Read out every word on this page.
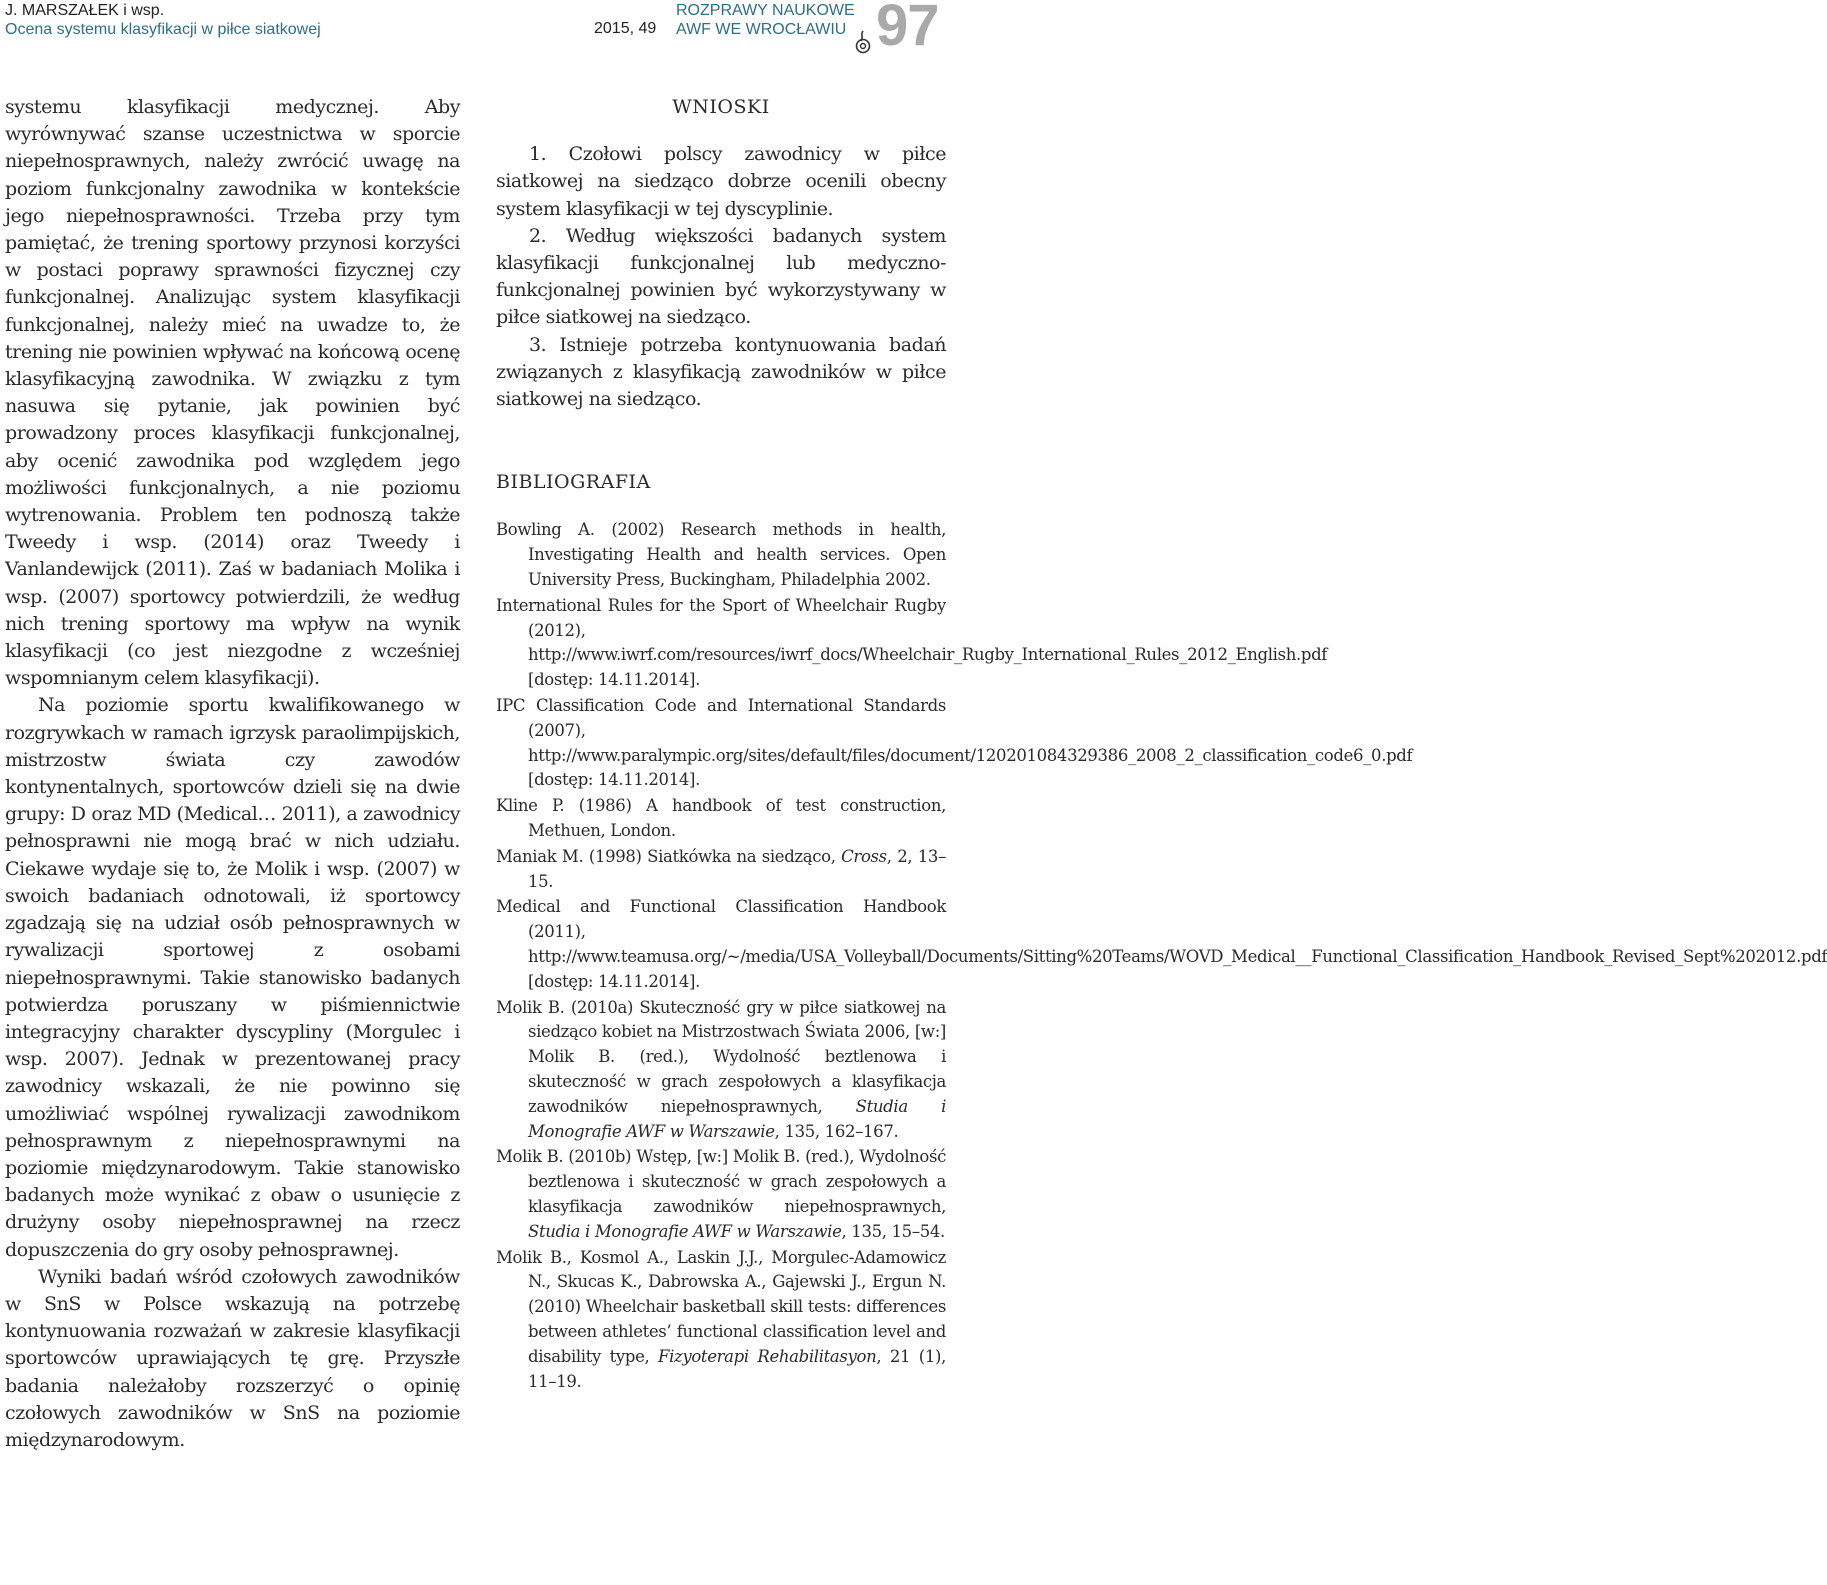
J. MARSZAŁEK i wsp.
Ocena systemu klasyfikacji w piłce siatkowej	2015, 49
ROZPRAWY NAUKOWE
AWF WE WROCŁAWIU 97

systemu klasyfikacji medycznej. Aby wyrównywać szanse uczestnictwa w sporcie niepełnosprawnych, należy zwrócić uwagę na poziom funkcjonalny zawodnika w kontekście jego niepełnosprawności. Trzeba przy tym pamiętać, że trening sportowy przynosi korzyści w postaci poprawy sprawności fizycznej czy funkcjonalnej. Analizując system klasyfikacji funkcjonalnej, należy mieć na uwadze to, że trening nie powinien wpływać na końcową ocenę klasyfikacyjną zawodnika. W związku z tym nasuwa się pytanie, jak powinien być prowadzony proces klasyfikacji funkcjonalnej, aby ocenić zawodnika pod względem jego możliwości funkcjonalnych, a nie poziomu wytrenowania. Problem ten podnoszą także Tweedy i wsp. (2014) oraz Tweedy i Vanlandewijck (2011). Zaś w badaniach Molika i wsp. (2007) sportowcy potwierdzili, że według nich trening sportowy ma wpływ na wynik klasyfikacji (co jest niezgodne z wcześniej wspomnianym celem klasyfikacji).

Na poziomie sportu kwalifikowanego w rozgrywkach w ramach igrzysk paraolimpijskich, mistrzostw świata czy zawodów kontynentalnych, sportowców dzieli się na dwie grupy: D oraz MD (Medical… 2011), a zawodnicy pełnosprawni nie mogą brać w nich udziału. Ciekawe wydaje się to, że Molik i wsp. (2007) w swoich badaniach odnotowali, iż sportowcy zgadzają się na udział osób pełnosprawnych w rywalizacji sportowej z osobami niepełnosprawnymi. Takie stanowisko badanych potwierdza poruszany w piśmiennictwie integracyjny charakter dyscypliny (Morgulec i wsp. 2007). Jednak w prezentowanej pracy zawodnicy wskazali, że nie powinno się umożliwiać wspólnej rywalizacji zawodnikom pełnosprawnym z niepełnosprawnymi na poziomie międzynarodowym. Takie stanowisko badanych może wynikać z obaw o usunięcie z drużyny osoby niepełnosprawnej na rzecz dopuszczenia do gry osoby pełnosprawnej.

Wyniki badań wśród czołowych zawodników w SnS w Polsce wskazują na potrzebę kontynuowania rozważań w zakresie klasyfikacji sportowców uprawiających tę grę. Przyszłe badania należałoby rozszerzyć o opinię czołowych zawodników w SnS na poziomie międzynarodowym.

WNIOSKI

1. Czołowi polscy zawodnicy w piłce siatkowej na siedząco dobrze ocenili obecny system klasyfikacji w tej dyscyplinie.

2. Według większości badanych system klasyfikacji funkcjonalnej lub medyczno-funkcjonalnej powinien być wykorzystywany w piłce siatkowej na siedząco.

3. Istnieje potrzeba kontynuowania badań związanych z klasyfikacją zawodników w piłce siatkowej na siedząco.

BIBLIOGRAFIA

Bowling A. (2002) Research methods in health, Investigating Health and health services. Open University Press, Buckingham, Philadelphia 2002.

International Rules for the Sport of Wheelchair Rugby (2012), http://www.iwrf.com/resources/iwrf_docs/Wheelchair_Rugby_International_Rules_2012_English.pdf [dostęp: 14.11.2014].

IPC Classification Code and International Standards (2007), http://www.paralympic.org/sites/default/files/document/120201084329386_2008_2_classification_code6_0.pdf [dostęp: 14.11.2014].

Kline P. (1986) A handbook of test construction, Methuen, London.

Maniak M. (1998) Siatkówka na siedząco, Cross, 2, 13–15.

Medical and Functional Classification Handbook (2011), http://www.teamusa.org/~/media/USA_Volleyball/Documents/Sitting%20Teams/WOVD_Medical__Functional_Classification_Handbook_Revised_Sept%202012.pdf [dostęp: 14.11.2014].

Molik B. (2010a) Skuteczność gry w piłce siatkowej na siedząco kobiet na Mistrzostwach Świata 2006, [w:] Molik B. (red.), Wydolność beztlenowa i skuteczność w grach zespołowych a klasyfikacja zawodników niepełnosprawnych, Studia i Monografie AWF w Warszawie, 135, 162–167.

Molik B. (2010b) Wstęp, [w:] Molik B. (red.), Wydolność beztlenowa i skuteczność w grach zespołowych a klasyfikacja zawodników niepełnosprawnych, Studia i Monografie AWF w Warszawie, 135, 15–54.

Molik B., Kosmol A., Laskin J.J., Morgulec-Adamowicz N., Skucas K., Dabrowska A., Gajewski J., Ergun N. (2010) Wheelchair basketball skill tests: differences between athletes’ functional classification level and disability type, Fizyoterapi Rehabilitasyon, 21 (1), 11–19.
